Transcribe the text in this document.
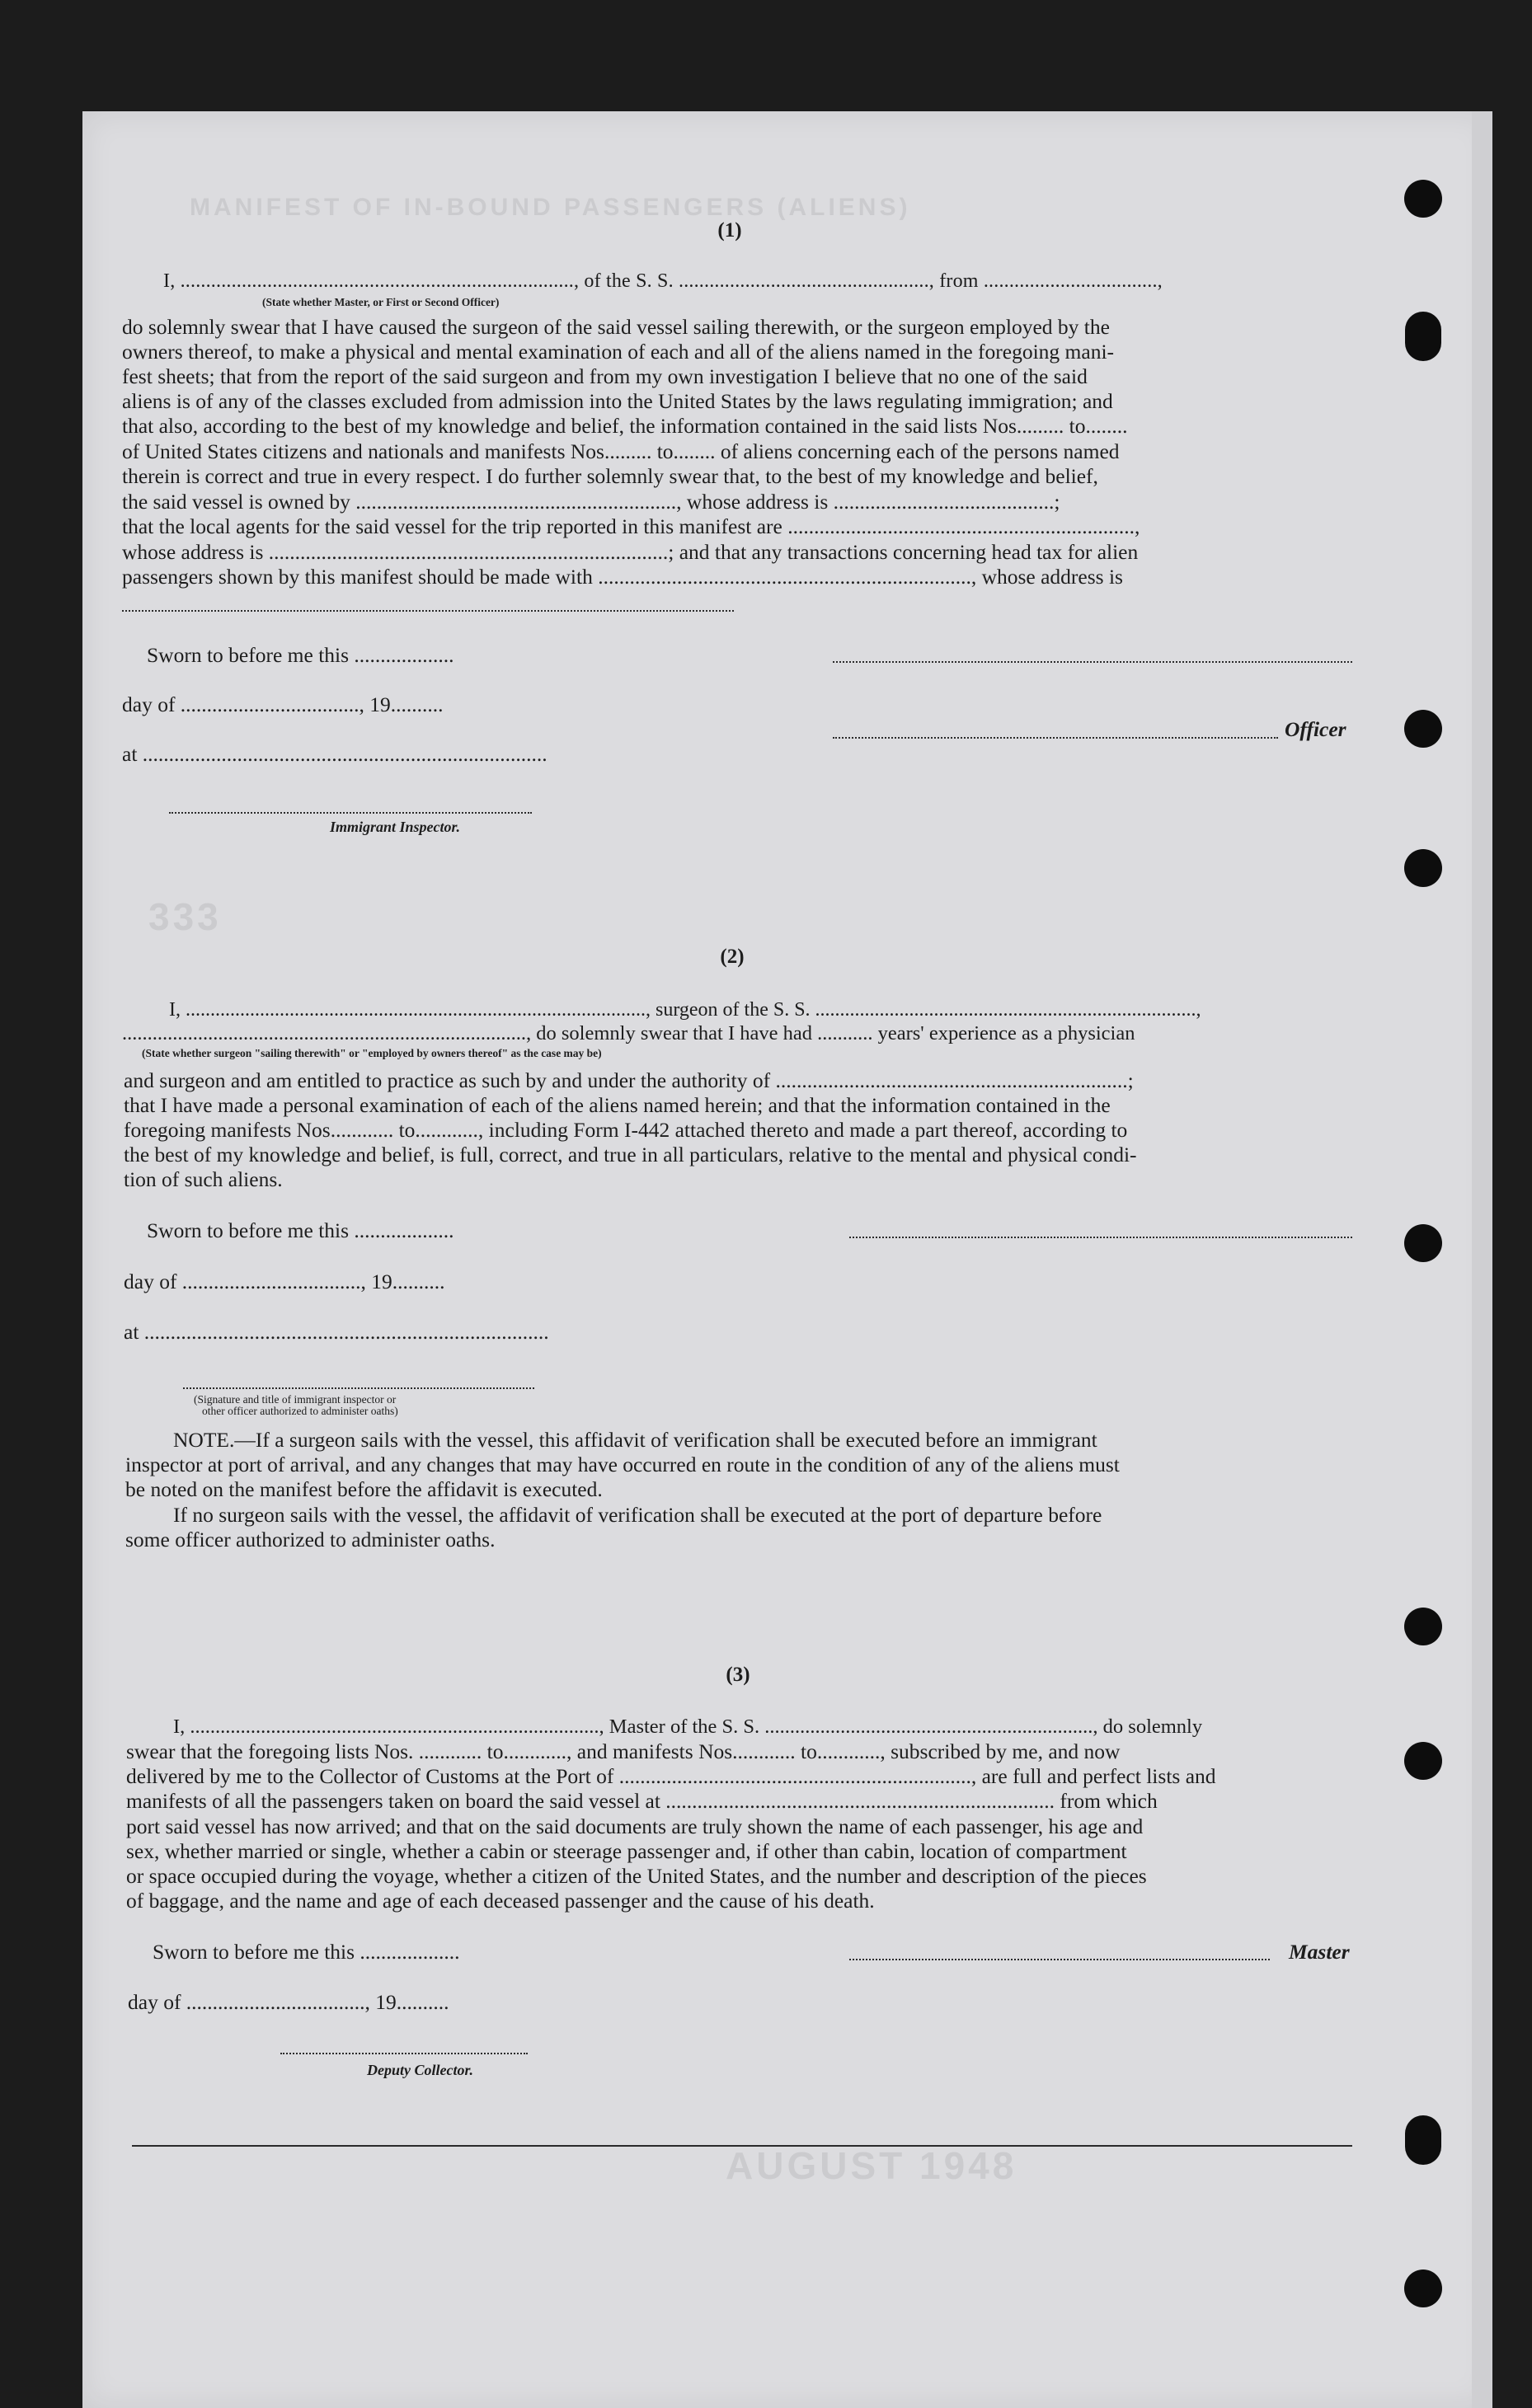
MANIFEST OF IN-BOUND PASSENGERS (ALIENS)
333
AUGUST 1948
(1)
I, ............................................................................., of the S. S. ................................................., from ..................................,
(State whether Master, or First or Second Officer)
do solemnly swear that I have caused the surgeon of the said vessel sailing therewith, or the surgeon employed by the
owners thereof, to make a physical and mental examination of each and all of the aliens named in the foregoing mani-
fest sheets; that from the report of the said surgeon and from my own investigation I believe that no one of the said
aliens is of any of the classes excluded from admission into the United States by the laws regulating immigration; and
that also, according to the best of my knowledge and belief, the information contained in the said lists Nos......... to........
of United States citizens and nationals and manifests Nos......... to........ of aliens concerning each of the persons named
therein is correct and true in every respect. I do further solemnly swear that, to the best of my knowledge and belief,
the said vessel is owned by ............................................................., whose address is ..........................................;
that the local agents for the said vessel for the trip reported in this manifest are ..................................................................,
whose address is ............................................................................; and that any transactions concerning head tax for alien
passengers shown by this manifest should be made with ......................................................................., whose address is
Sworn to before me this ...................
day of .................................., 19..........
at .............................................................................
Officer
Immigrant Inspector.
(2)
I, ............................................................................................., surgeon of the S. S. .............................................................................,
................................................................................, do solemnly swear that I have had ........... years' experience as a physician
(State whether surgeon "sailing therewith" or "employed by owners thereof" as the case may be)
and surgeon and am entitled to practice as such by and under the authority of ...................................................................;
that I have made a personal examination of each of the aliens named herein; and that the information contained in the
foregoing manifests Nos............ to............, including Form I-442 attached thereto and made a part thereof, according to
the best of my knowledge and belief, is full, correct, and true in all particulars, relative to the mental and physical condi-
tion of such aliens.
Sworn to before me this ...................
day of .................................., 19..........
at .............................................................................
(Signature and title of immigrant inspector or
other officer authorized to administer oaths)
NOTE.—If a surgeon sails with the vessel, this affidavit of verification shall be executed before an immigrant
inspector at port of arrival, and any changes that may have occurred en route in the condition of any of the aliens must
be noted on the manifest before the affidavit is executed.
If no surgeon sails with the vessel, the affidavit of verification shall be executed at the port of departure before
some officer authorized to administer oaths.
(3)
I, ................................................................................., Master of the S. S. ................................................................., do solemnly
swear that the foregoing lists Nos. ............ to............, and manifests Nos............ to............, subscribed by me, and now
delivered by me to the Collector of Customs at the Port of ..................................................................., are full and perfect lists and
manifests of all the passengers taken on board the said vessel at .......................................................................... from which
port said vessel has now arrived; and that on the said documents are truly shown the name of each passenger, his age and
sex, whether married or single, whether a cabin or steerage passenger and, if other than cabin, location of compartment
or space occupied during the voyage, whether a citizen of the United States, and the number and description of the pieces
of baggage, and the name and age of each deceased passenger and the cause of his death.
Sworn to before me this ...................
day of .................................., 19..........
Master
Deputy Collector.
